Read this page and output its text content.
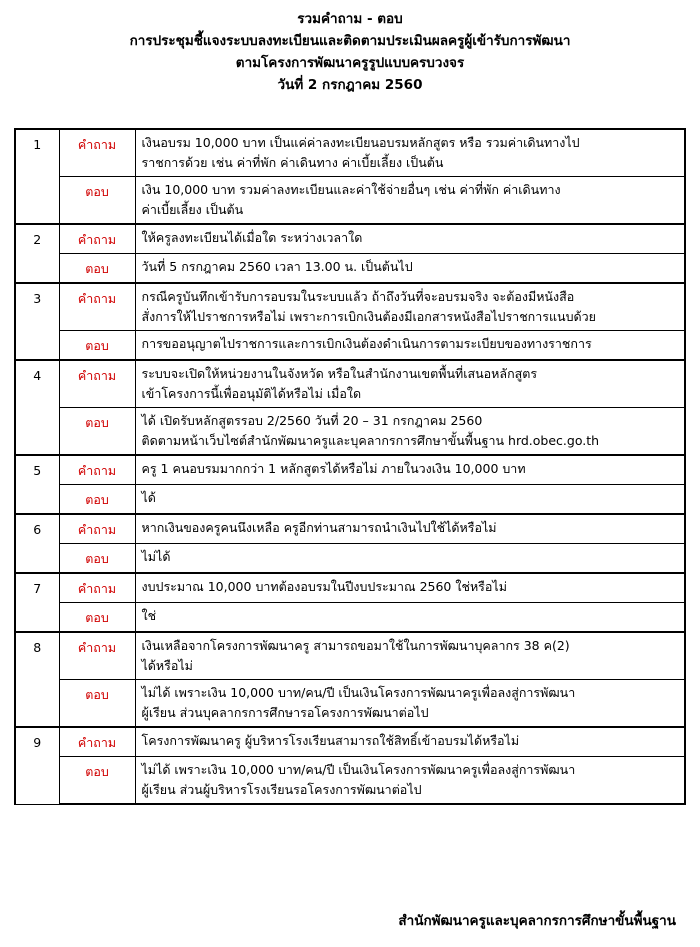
รวมคำถาม - ตอบ
การประชุมชี้แจงระบบลงทะเบียนและติดตามประเมินผลครูผู้เข้ารับการพัฒนา
ตามโครงการพัฒนาครูรูปแบบครบวงจร
วันที่ 2 กรกฎาคม 2560
1	คำถาม	เงินอบรม 10,000 บาท เป็นแค่ค่าลงทะเบียนอบรมหลักสูตร หรือ รวมค่าเดินทางไป
ราชการด้วย เช่น ค่าที่พัก ค่าเดินทาง ค่าเบี้ยเลี้ยง เป็นต้น

	ตอบ	เงิน 10,000 บาท รวมค่าลงทะเบียนและค่าใช้จ่ายอื่นๆ เช่น ค่าที่พัก ค่าเดินทาง
ค่าเบี้ยเลี้ยง เป็นต้น

2	คำถาม	ให้ครูลงทะเบียนได้เมื่อใด ระหว่างเวลาใด

	ตอบ	วันที่ 5 กรกฎาคม 2560 เวลา 13.00 น. เป็นต้นไป

3	คำถาม	กรณีครูบันทึกเข้ารับการอบรมในระบบแล้ว ถ้าถึงวันที่จะอบรมจริง จะต้องมีหนังสือ
สั่งการให้ไปราชการหรือไม่ เพราะการเบิกเงินต้องมีเอกสารหนังสือไปราชการแนบด้วย

	ตอบ	การขออนุญาตไปราชการและการเบิกเงินต้องดำเนินการตามระเบียบของทางราชการ

4	คำถาม	ระบบจะเปิดให้หน่วยงานในจังหวัด หรือในสำนักงานเขตพื้นที่เสนอหลักสูตร
เข้าโครงการนี้เพื่ออนุมัติได้หรือไม่ เมื่อใด

	ตอบ	ได้ เปิดรับหลักสูตรรอบ 2/2560 วันที่ 20 – 31 กรกฎาคม 2560
ติดตามหน้าเว็บไซต์สำนักพัฒนาครูและบุคลากรการศึกษาขั้นพื้นฐาน hrd.obec.go.th

5	คำถาม	ครู 1 คนอบรมมากกว่า 1 หลักสูตรได้หรือไม่ ภายในวงเงิน 10,000 บาท

	ตอบ	ได้

6	คำถาม	หากเงินของครูคนนึงเหลือ ครูอีกท่านสามารถนำเงินไปใช้ได้หรือไม่

	ตอบ	ไม่ได้

7	คำถาม	งบประมาณ 10,000 บาทต้องอบรมในปีงบประมาณ 2560 ใช่หรือไม่

	ตอบ	ใช่

8	คำถาม	เงินเหลือจากโครงการพัฒนาครู สามารถขอมาใช้ในการพัฒนาบุคลากร 38 ค(2)
ได้หรือไม่

	ตอบ	ไม่ได้ เพราะเงิน 10,000 บาท/คน/ปี เป็นเงินโครงการพัฒนาครูเพื่อลงสู่การพัฒนา
ผู้เรียน ส่วนบุคลากรการศึกษารอโครงการพัฒนาต่อไป

9	คำถาม	โครงการพัฒนาครู ผู้บริหารโรงเรียนสามารถใช้สิทธิ์เข้าอบรมได้หรือไม่

	ตอบ	ไม่ได้ เพราะเงิน 10,000 บาท/คน/ปี เป็นเงินโครงการพัฒนาครูเพื่อลงสู่การพัฒนา
ผู้เรียน ส่วนผู้บริหารโรงเรียนรอโครงการพัฒนาต่อไป
สำนักพัฒนาครูและบุคลากรการศึกษาขั้นพื้นฐาน
